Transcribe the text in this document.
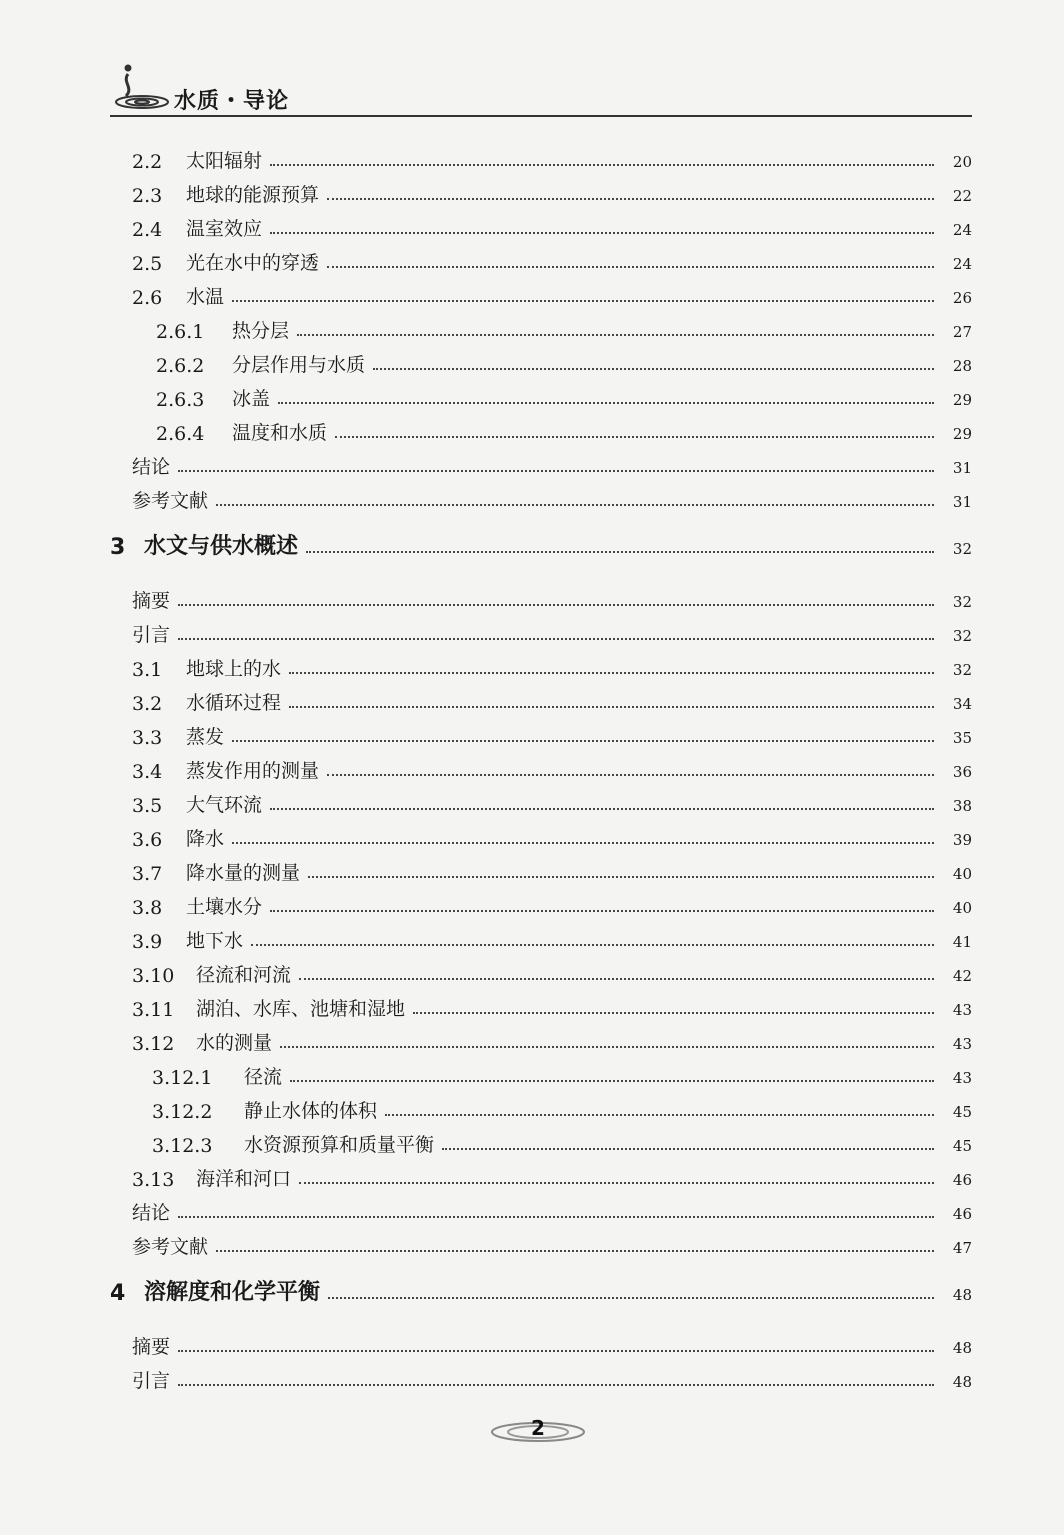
水质・导论
2.2	太阳辐射	20
2.3	地球的能源预算	22
2.4	温室效应	24
2.5	光在水中的穿透	24
2.6	水温	26
2.6.1	热分层	27
2.6.2	分层作用与水质	28
2.6.3	冰盖	29
2.6.4	温度和水质	29
结论	31
参考文献	31
3 水文与供水概述	32
摘要	32
引言	32
3.1	地球上的水	32
3.2	水循环过程	34
3.3	蒸发	35
3.4	蒸发作用的测量	36
3.5	大气环流	38
3.6	降水	39
3.7	降水量的测量	40
3.8	土壤水分	40
3.9	地下水	41
3.10	径流和河流	42
3.11	湖泊、水库、池塘和湿地	43
3.12	水的测量	43
3.12.1	径流	43
3.12.2	静止水体的体积	45
3.12.3	水资源预算和质量平衡	45
3.13	海洋和河口	46
结论	46
参考文献	47
4 溶解度和化学平衡	48
摘要	48
引言	48
2
